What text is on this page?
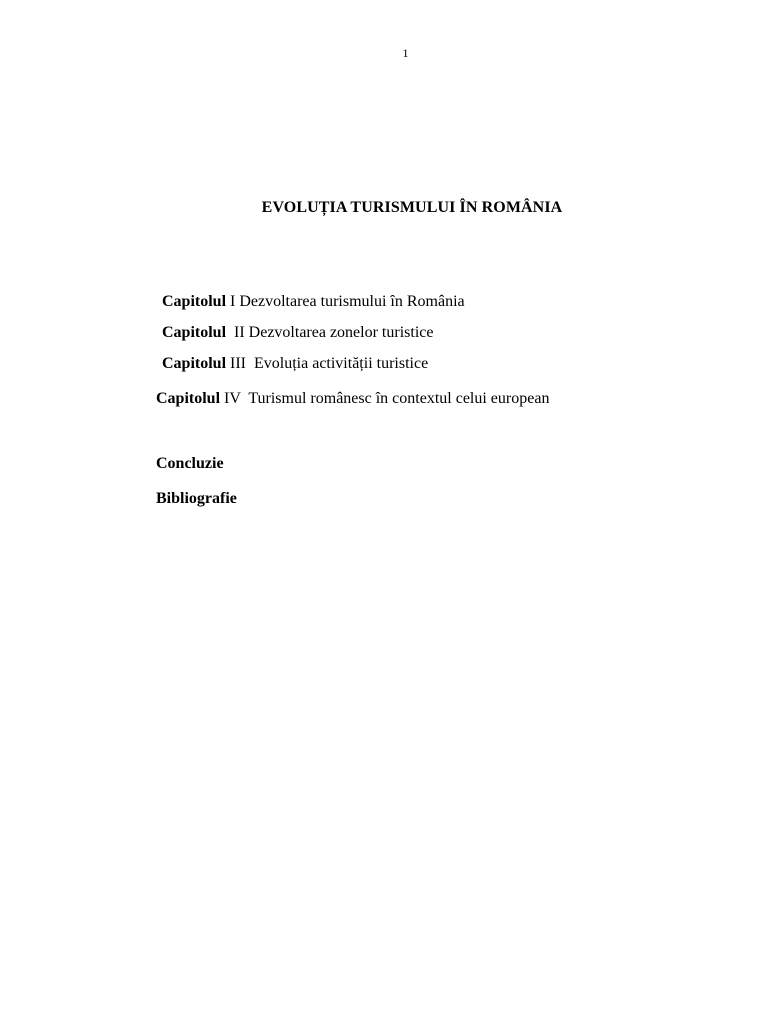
1
EVOLUȚIA TURISMULUI ÎN ROMÂNIA
Capitolul I Dezvoltarea turismului în România
Capitolul  II Dezvoltarea zonelor turistice
Capitolul III  Evoluția activității turistice
Capitolul IV  Turismul românesc în contextul celui european
Concluzie
Bibliografie
